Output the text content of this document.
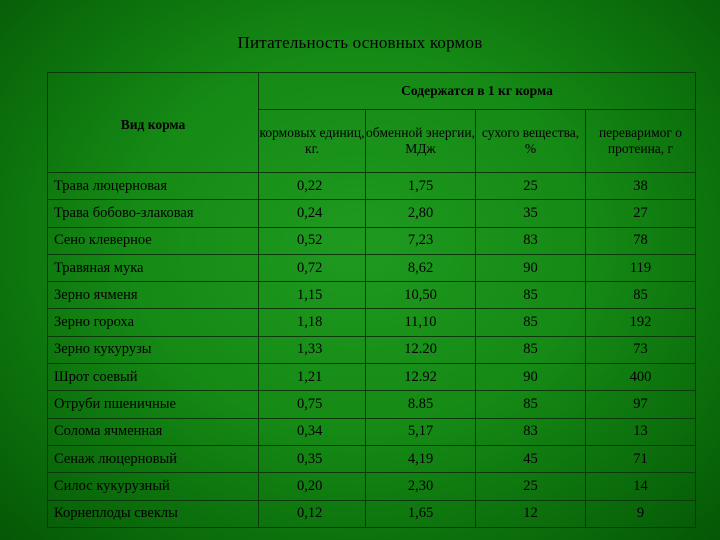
Питательность основных кормов
Вид корма	Содержатся в 1 кг корма			
	кормовых единиц, кг.	обменной энергии, МДж	сухого вещества, %	переваримог о протеина, г
Трава люцерновая	0,22	1,75	25	38
Трава бобово-злаковая	0,24	2,80	35	27
Сено клеверное	0,52	7,23	83	78
Травяная мука	0,72	8,62	90	119
Зерно ячменя	1,15	10,50	85	85
Зерно гороха	1,18	11,10	85	192
Зерно кукурузы	1,33	12.20	85	73
Шрот соевый	1,21	12.92	90	400
Отруби пшеничные	0,75	8.85	85	97
Солома ячменная	0,34	5,17	83	13
Сенаж люцерновый	0,35	4,19	45	71
Силос кукурузный	0,20	2,30	25	14
Корнеплоды свеклы	0,12	1,65	12	9
